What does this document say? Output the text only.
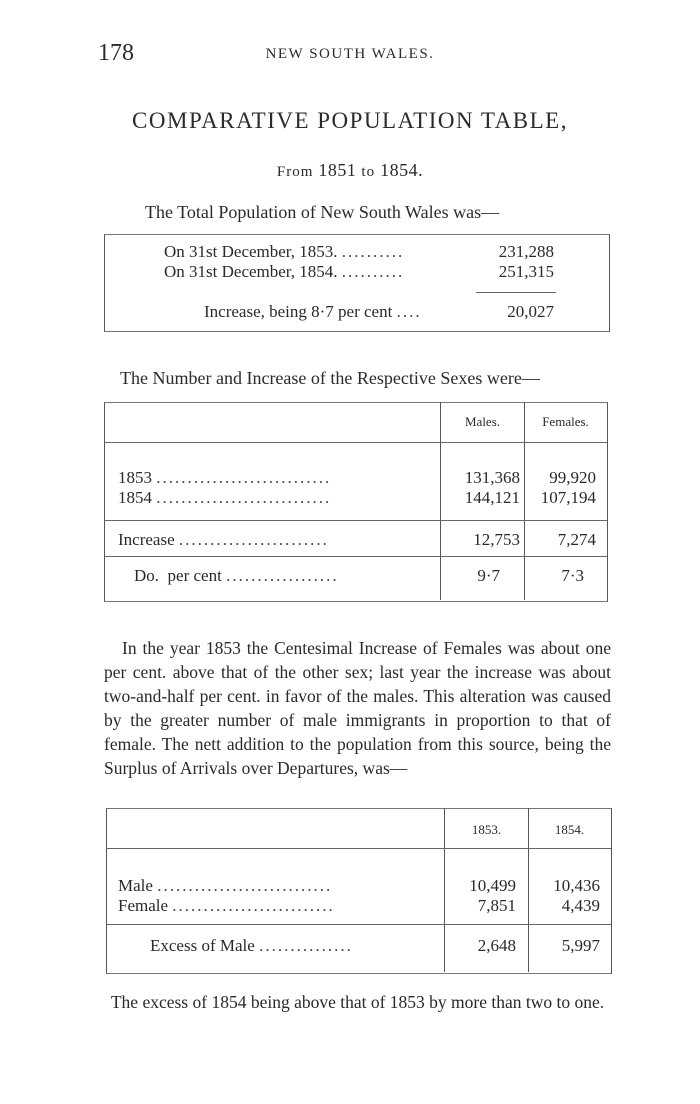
178	NEW SOUTH WALES.
COMPARATIVE POPULATION TABLE,
From 1851 to 1854.
The Total Population of New South Wales was—
On 31st December, 1853. ..........	231,288
On 31st December, 1854. ..........	251,315
Increase, being 8·7 per cent ....	20,027
The Number and Increase of the Respective Sexes were—
Males.	Females.
1853 ............................	131,368	99,920
1854 ............................	144,121	107,194
Increase ........................	12,753	7,274
Do.  per cent ..................	9·7	7·3
In the year 1853 the Centesimal Increase of Females was about one per cent. above that of the other sex; last year the increase was about two-and-half per cent. in favor of the males. This alteration was caused by the greater number of male immigrants in proportion to that of female. The nett addition to the population from this source, being the Surplus of Arrivals over Departures, was—
1853.	1854.
Male ............................	10,499	10,436
Female ..........................	7,851	4,439
Excess of Male ...............	2,648	5,997
The excess of 1854 being above that of 1853 by more than two to one.
